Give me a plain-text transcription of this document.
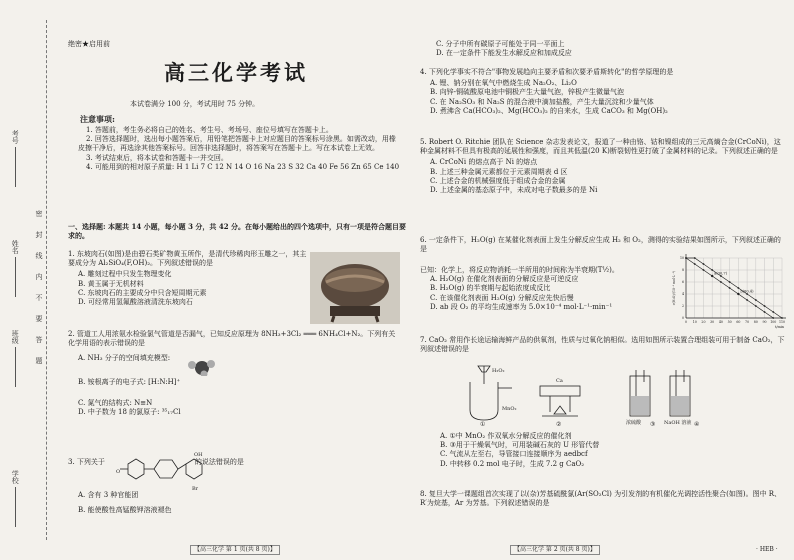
密封线内不要答题
学校
班级
姓名
考号
绝密★启用前
高三化学考试
本试卷满分 100 分，考试用时 75 分钟。
注意事项:

1. 答题前，考生务必将自己的姓名、考生号、考场号、座位号填写在答题卡上。

2. 回答选择题时，选出每小题答案后，用铅笔把答题卡上对应题目的答案标号涂黑。如需改动，用橡皮擦干净后，再选涂其他答案标号。回答非选择题时，将答案写在答题卡上。写在本试卷上无效。

3. 考试结束后，将本试卷和答题卡一并交回。

4. 可能用到的相对原子质量: H 1 Li 7 C 12 N 14 O 16 Na 23 S 32 Ca 40 Fe 56 Zn 65 Ce 140

一、选择题: 本题共 14 小题，每小题 3 分，共 42 分。在每小题给出的四个选项中，只有一项是符合题目要求的。

1. 东坡肉石(如图)是由碧石类矿物黄玉所作，是清代珍稀肉形玉雕之一，其主要成分为 Al₂SiO₄(F,OH)₂。下列叙述错误的是

A. 雕刻过程中只发生物理变化

B. 黄玉属于无机材料

C. 东坡肉石的主要成分中只含短周期元素

D. 可经常用氢氟酸溶液清洗东坡肉石

2. 管道工人用浓氨水检验氯气管道是否漏气，已知反应原理为 8NH₃+3Cl₂ ═══ 6NH₄Cl+N₂。下列有关化学用语的表示错误的是

A. NH₃ 分子的空间填充模型:

B. 铵根离子的电子式: [H:N:H]⁺

C. 氮气的结构式: N≡N

D. 中子数为 18 的氯原子: ³⁵₁₇Cl

3. 下列关于	的说法错误的是

A. 含有 3 种官能团

B. 能使酸性高锰酸钾溶液褪色

OH
Br
O
【高三化学 第 1 页(共 8 页)】

C. 分子中所有碳原子可能处于同一平面上

D. 在一定条件下能发生水解反应和加成反应

4. 下列化学事实不符合"事物发展趋向主要矛盾和次要矛盾斯转化"的哲学原理的是

A. 锂、钠分别在氧气中燃烧生成 Na₂O₂、Li₂O

B. 向锌-铜硫酸原电池中铜极产生大量气泡，锌极产生微量气泡

C. 在 Na₂SO₃ 和 Na₂S 的混合液中滴加盐酸，产生大量沉淀和少量气体

D. 煮沸含 Ca(HCO₃)₂、Mg(HCO₃)₂ 的自来水，生成 CaCO₃ 和 Mg(OH)₂

5. Robert O. Ritchie 团队在 Science 杂志发表论文，报道了一种由铬、钴和镍组成的三元高熵合金(CrCoNi)，这种金属材料不但具有极高的延展性和强度，而且其低温(20 K)断裂韧性更打破了金属材料的记录。下列叙述正确的是

A. CrCoNi 的熔点高于 Ni 的熔点

B. 上述三种金属元素都位于元素周期表 d 区

C. 上述合金的机械强度低于组成合金的金属

D. 上述金属的基态原子中，未成对电子数最多的是 Ni

6. 一定条件下，H₂O(g) 在某催化剂表面上发生分解反应生成 H₂ 和 O₂，测得的实验结果如图所示，下列叙述正确的是

已知：化学上，将反应物消耗一半所用的时间称为半衰期(T½)。

A. H₂O(g) 在催化剂表面的分解反应是可逆反应

B. H₂O(g) 的半衰期与起始浓度成反比

C. 在该催化剂表面 H₂O(g) 分解反应先快后慢

D. ab 段 O₂ 的平均生成速率为 5.0×10⁻⁴ mol·L⁻¹·min⁻¹

0 10 20 30 40 50 60 70 80 90 100 110
0
2
4
6
8
10
t/min
c(H₂O)/(10⁻³ mol·L⁻¹)	a(30,7)
b(60,4)

7. CaO₂ 常用作长途运输海鲜产品的供氧剂，性质与过氧化钠相似。选用如图所示装置合理组装可用于制备 CaO₂，下列叙述错误的是

H₂O₂
MnO₂
Ca
浓硫酸	NaOH 溶液
①	②	③	④

A. ①中 MnO₂ 作双氧水分解反应的催化剂

B. ③用于干燥氧气时，可用装碱石灰的 U 形管代替

C. 气流从左至右，导管接口连接顺序为 aedbcf

D. 中转移 0.2 mol 电子时，生成 7.2 g CaO₂

8. 复旦大学一课题组首次实现了以(杂)芳基硫酰氯(Ar(SO₂Cl) 为引发剂的有机催化光调控活性聚合(如图)。图中 R、R′为烷基，Ar 为芳基。下列叙述错误的是

【高三化学 第 2 页(共 8 页)】	· HEB ·
